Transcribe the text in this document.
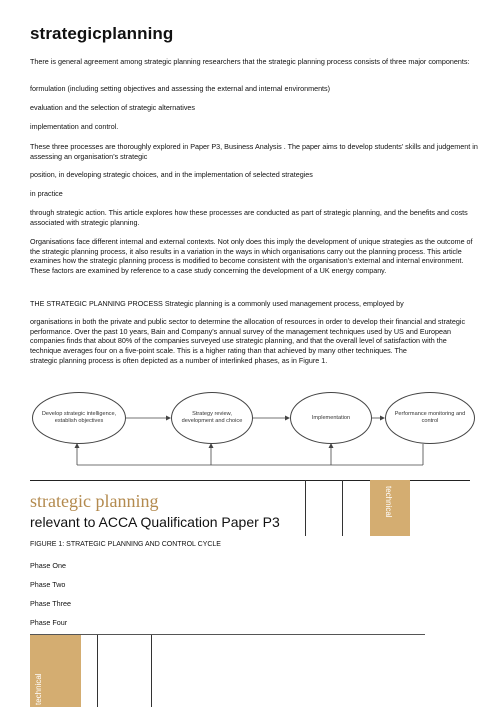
strategicplanning

There is general agreement among strategic planning researchers that the strategic planning process consists of three major components:

formulation (including setting objectives and assessing the external and internal environments)

evaluation and the selection of strategic alternatives

implementation and control.

These three processes are thoroughly explored in Paper P3, Business Analysis . The paper aims to develop students’ skills and judgement in assessing an organisation’s strategic

position, in developing strategic choices, and in the implementation of selected strategies

in practice

through strategic action. This article explores how these processes are conducted as part of strategic planning, and the benefits and costs associated with strategic planning.

Organisations face different internal and external contexts. Not only does this imply the development of unique strategies as the outcome of the strategic planning process, it also results in a variation in the ways in which organisations carry out the planning process. This article examines how the strategic planning process is modified to become consistent with the organisation’s external and internal environment. These factors are examined by reference to a case study concerning the development of a UK energy company.

THE STRATEGIC PLANNING PROCESS Strategic planning is a commonly used management process, employed by

organisations in both the private and public sector to determine the allocation of resources in order to develop their financial and strategic performance. Over the past 10 years, Bain and Company’s annual survey of the management techniques used by US and European companies finds that about 80% of the companies surveyed use strategic planning, and that the overall level of satisfaction with the technique averages four on a five-point scale. This is a higher rating than that achieved by many other techniques. The

strategic planning process is often depicted as a number of interlinked phases, as in Figure 1.

Develop strategic intelligence, establish objectives
Strategy review, development and choice
Implementation
Performance monitoring and control

strategic planning

relevant to ACCA Qualification Paper P3

technical

FIGURE 1: STRATEGIC PLANNING AND CONTROL CYCLE

Phase One
Phase Two
Phase Three
Phase Four
technical
